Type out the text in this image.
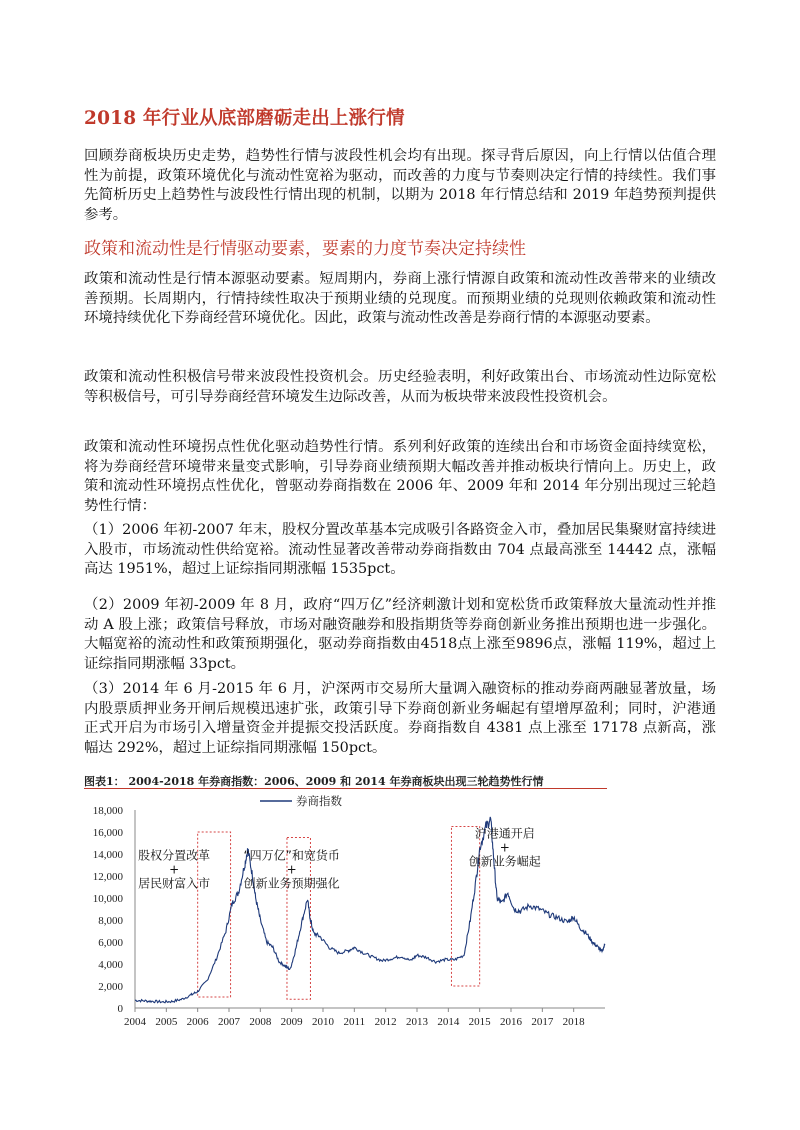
2018 年行业从底部磨砺走出上涨行情

回顾券商板块历史走势，趋势性行情与波段性机会均有出现。探寻背后原因，向上行情以估值合理性为前提，政策环境优化与流动性宽裕为驱动，而改善的力度与节奏则决定行情的持续性。我们事先简析历史上趋势性与波段性行情出现的机制，以期为 2018 年行情总结和 2019 年趋势预判提供参考。

政策和流动性是行情驱动要素，要素的力度节奏决定持续性

政策和流动性是行情本源驱动要素。短周期内，券商上涨行情源自政策和流动性改善带来的业绩改善预期。长周期内，行情持续性取决于预期业绩的兑现度。而预期业绩的兑现则依赖政策和流动性环境持续优化下券商经营环境优化。因此，政策与流动性改善是券商行情的本源驱动要素。

政策和流动性积极信号带来波段性投资机会。历史经验表明，利好政策出台、市场流动性边际宽松等积极信号，可引导券商经营环境发生边际改善，从而为板块带来波段性投资机会。

政策和流动性环境拐点性优化驱动趋势性行情。系列利好政策的连续出台和市场资金面持续宽松，将为券商经营环境带来量变式影响，引导券商业绩预期大幅改善并推动板块行情向上。历史上，政策和流动性环境拐点性优化，曾驱动券商指数在 2006 年、2009 年和 2014 年分别出现过三轮趋势性行情：

（1）2006 年初-2007 年末，股权分置改革基本完成吸引各路资金入市，叠加居民集聚财富持续进入股市，市场流动性供给宽裕。流动性显著改善带动券商指数由 704 点最高涨至 14442 点，涨幅高达 1951%，超过上证综指同期涨幅 1535pct。

（2）2009 年初-2009 年 8 月，政府“四万亿”经济刺激计划和宽松货币政策释放大量流动性并推动 A 股上涨；政策信号释放，市场对融资融券和股指期货等券商创新业务推出预期也进一步强化。大幅宽裕的流动性和政策预期强化，驱动券商指数由4518点上涨至9896点，涨幅 119%，超过上证综指同期涨幅 33pct。

（3）2014 年 6 月-2015 年 6 月，沪深两市交易所大量调入融资标的推动券商两融显著放量，场内股票质押业务开闸后规模迅速扩张，政策引导下券商创新业务崛起有望增厚盈利；同时，沪港通正式开启为市场引入增量资金并提振交投活跃度。券商指数自 4381 点上涨至 17178 点新高，涨幅达 292%，超过上证综指同期涨幅 150pct。

图表1： 2004-2018 年券商指数：2006、2009 和 2014 年券商板块出现三轮趋势性行情
0
2,000
4,000
6,000
8,000
10,000
12,000
14,000
16,000
18,000
2004 2005 2006 2007 2008 2009 2010 2011 2012 2013 2014 2015 2016 2017 2018
券商指数
股权分置改革
+
居民财富入市
“四万亿”和宽货币
+
创新业务预期强化
沪港通开启
+
创新业务崛起
